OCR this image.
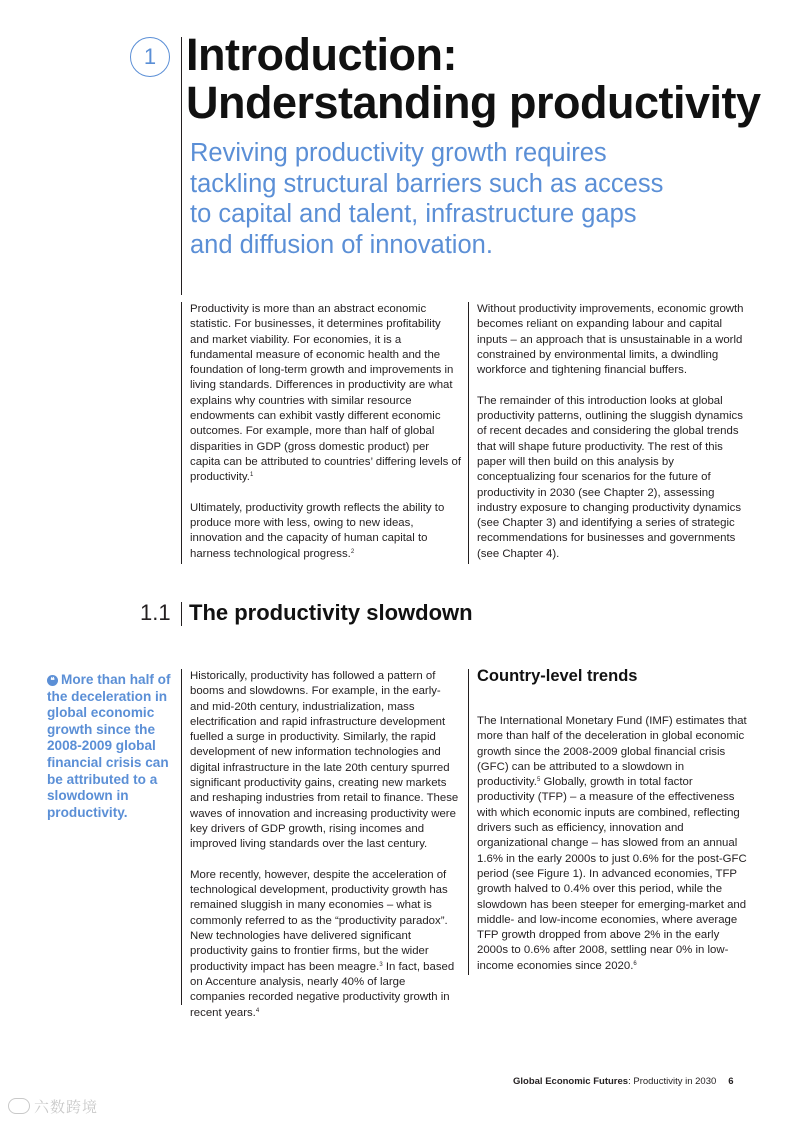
1 Introduction:
Understanding productivity

Reviving productivity growth requires
tackling structural barriers such as access
to capital and talent, infrastructure gaps
and diffusion of innovation.

Productivity is more than an abstract economic statistic. For businesses, it determines profitability and market viability. For economies, it is a fundamental measure of economic health and the foundation of long-term growth and improvements in living standards. Differences in productivity are what explains why countries with similar resource endowments can exhibit vastly different economic outcomes. For example, more than half of global disparities in GDP (gross domestic product) per capita can be attributed to countries’ differing levels of productivity.$^1$

Ultimately, productivity growth reflects the ability to produce more with less, owing to new ideas, innovation and the capacity of human capital to harness technological progress.$^2$

Without productivity improvements, economic growth becomes reliant on expanding labour and capital inputs – an approach that is unsustainable in a world constrained by environmental limits, a dwindling workforce and tightening financial buffers.

The remainder of this introduction looks at global productivity patterns, outlining the sluggish dynamics of recent decades and considering the global trends that will shape future productivity. The rest of this paper will then build on this analysis by conceptualizing four scenarios for the future of productivity in 2030 (see Chapter 2), assessing industry exposure to changing productivity dynamics (see Chapter 3) and identifying a series of strategic recommendations for businesses and governments (see Chapter 4).

1.1 The productivity slowdown

❝ More than half of the deceleration in global economic growth since the 2008-2009 global financial crisis can be attributed to a slowdown in productivity.

Historically, productivity has followed a pattern of booms and slowdowns. For example, in the early- and mid-20th century, industrialization, mass electrification and rapid infrastructure development fuelled a surge in productivity. Similarly, the rapid development of new information technologies and digital infrastructure in the late 20th century spurred significant productivity gains, creating new markets and reshaping industries from retail to finance. These waves of innovation and increasing productivity were key drivers of GDP growth, rising incomes and improved living standards over the last century.

More recently, however, despite the acceleration of technological development, productivity growth has remained sluggish in many economies – what is commonly referred to as the “productivity paradox”. New technologies have delivered significant productivity gains to frontier firms, but the wider productivity impact has been meagre.$^3$ In fact, based on Accenture analysis, nearly 40% of large companies recorded negative productivity growth in recent years.$^4$

Country-level trends

The International Monetary Fund (IMF) estimates that more than half of the deceleration in global economic growth since the 2008-2009 global financial crisis (GFC) can be attributed to a slowdown in productivity.$^5$ Globally, growth in total factor productivity (TFP) – a measure of the effectiveness with which economic inputs are combined, reflecting drivers such as efficiency, innovation and organizational change – has slowed from an annual 1.6% in the early 2000s to just 0.6% for the post-GFC period (see Figure 1). In advanced economies, TFP growth halved to 0.4% over this period, while the slowdown has been steeper for emerging-market and middle- and low-income economies, where average TFP growth dropped from above 2% in the early 2000s to 0.6% after 2008, settling near 0% in low-income economies since 2020.$^6$

Global Economic Futures: Productivity in 2030 6
六数跨境
